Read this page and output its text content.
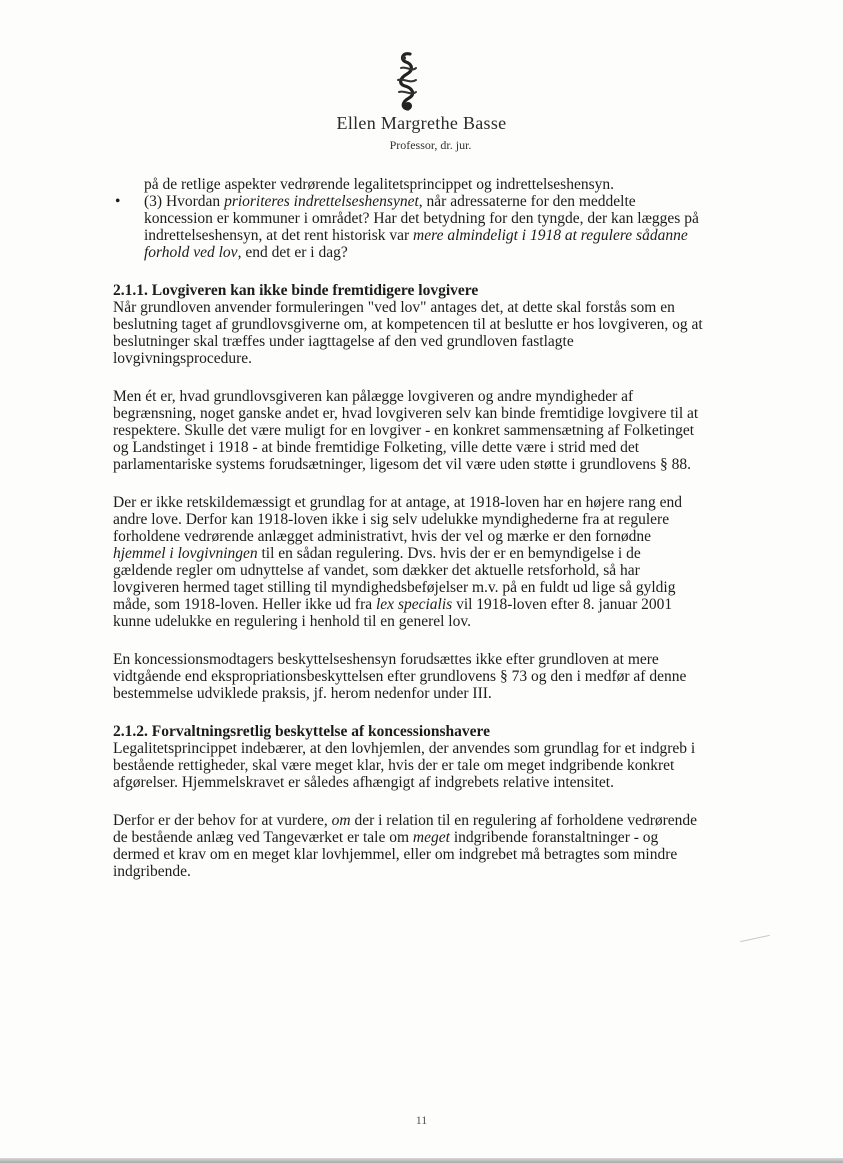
Ellen Margrethe Basse
Professor, dr. jur.

på de retlige aspekter vedrørende legalitetsprincippet og indrettelseshensyn.

• (3) Hvordan prioriteres indrettelseshensynet, når adressaterne for den meddelte koncession er kommuner i området? Har det betydning for den tyngde, der kan lægges på indrettelseshensyn, at det rent historisk var mere almindeligt i 1918 at regulere sådanne forhold ved lov, end det er i dag?

2.1.1. Lovgiveren kan ikke binde fremtidigere lovgivere

Når grundloven anvender formuleringen "ved lov" antages det, at dette skal forstås som en beslutning taget af grundlovsgiverne om, at kompetencen til at beslutte er hos lovgiveren, og at beslutninger skal træffes under iagttagelse af den ved grundloven fastlagte lovgivningsprocedure.

Men ét er, hvad grundlovsgiveren kan pålægge lovgiveren og andre myndigheder af begrænsning, noget ganske andet er, hvad lovgiveren selv kan binde fremtidige lovgivere til at respektere. Skulle det være muligt for en lovgiver - en konkret sammensætning af Folketinget og Landstinget i 1918 - at binde fremtidige Folketing, ville dette være i strid med det parlamentariske systems forudsætninger, ligesom det vil være uden støtte i grundlovens § 88.

Der er ikke retskildemæssigt et grundlag for at antage, at 1918-loven har en højere rang end andre love. Derfor kan 1918-loven ikke i sig selv udelukke myndighederne fra at regulere forholdene vedrørende anlægget administrativt, hvis der vel og mærke er den fornødne hjemmel i lovgivningen til en sådan regulering. Dvs. hvis der er en bemyndigelse i de gældende regler om udnyttelse af vandet, som dækker det aktuelle retsforhold, så har lovgiveren hermed taget stilling til myndighedsbeføjelser m.v. på en fuldt ud lige så gyldig måde, som 1918-loven. Heller ikke ud fra lex specialis vil 1918-loven efter 8. januar 2001 kunne udelukke en regulering i henhold til en generel lov.

En koncessionsmodtagers beskyttelseshensyn forudsættes ikke efter grundloven at mere vidtgående end ekspropriationsbeskyttelsen efter grundlovens § 73 og den i medfør af denne bestemmelse udviklede praksis, jf. herom nedenfor under III.

2.1.2. Forvaltningsretlig beskyttelse af koncessionshavere

Legalitetsprincippet indebærer, at den lovhjemlen, der anvendes som grundlag for et indgreb i bestående rettigheder, skal være meget klar, hvis der er tale om meget indgribende konkret afgørelser. Hjemmelskravet er således afhængigt af indgrebets relative intensitet.

Derfor er der behov for at vurdere, om der i relation til en regulering af forholdene vedrørende de bestående anlæg ved Tangeværket er tale om meget indgribende foranstaltninger - og dermed et krav om en meget klar lovhjemmel, eller om indgrebet må betragtes som mindre indgribende.

11
